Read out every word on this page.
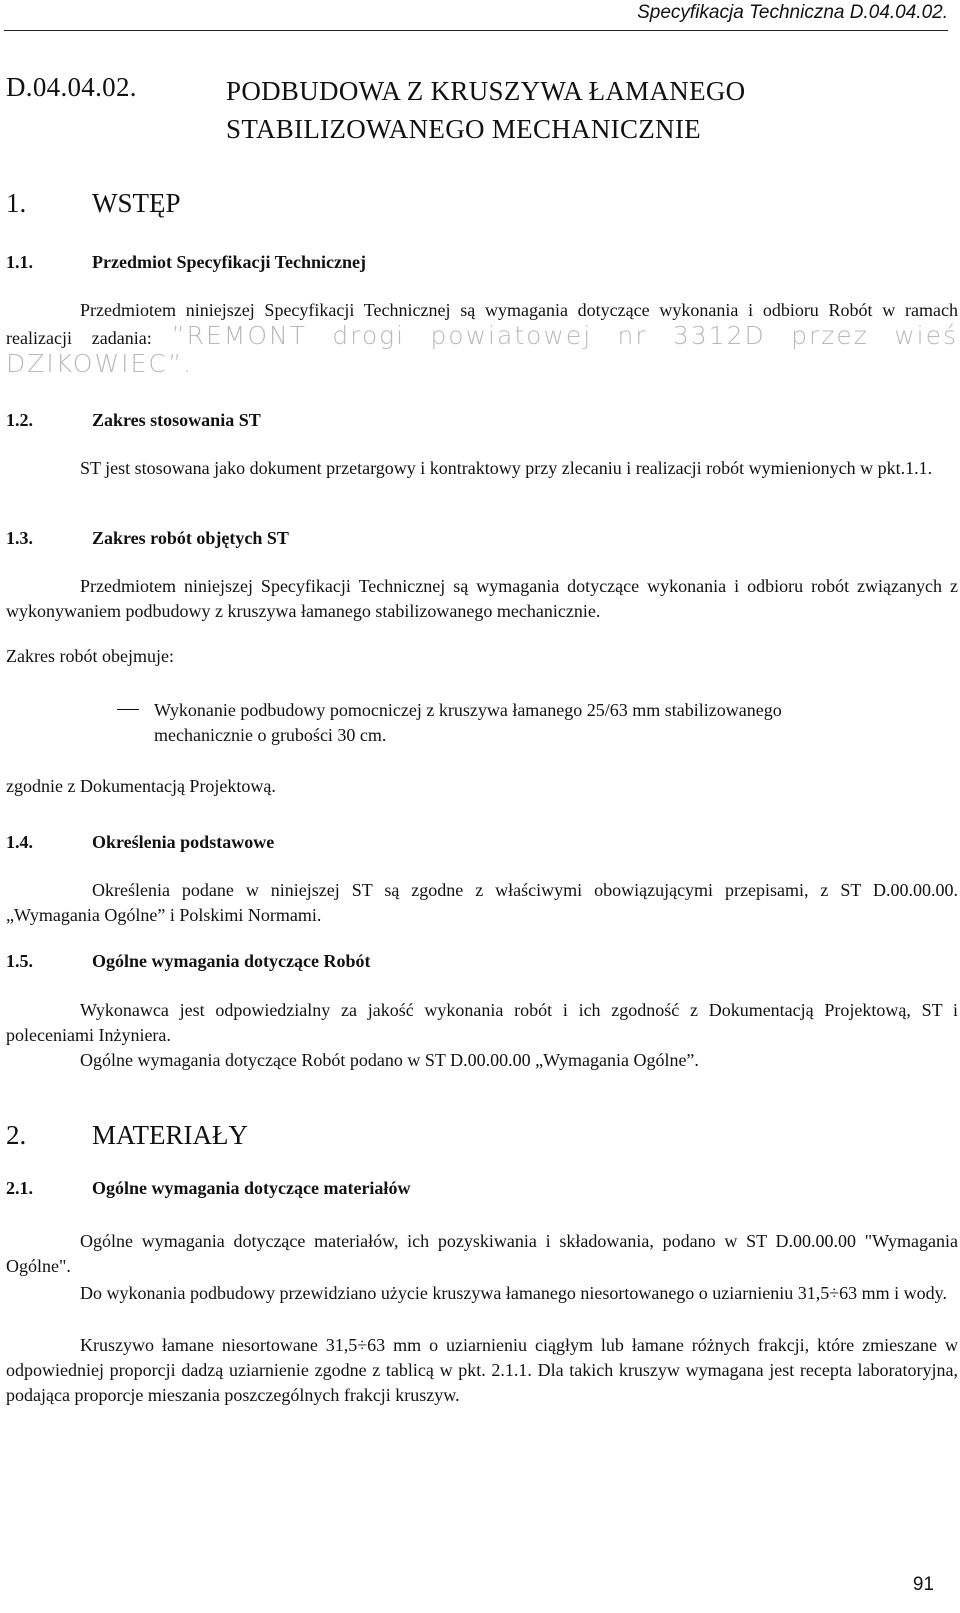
Specyfikacja Techniczna D.04.04.02.
D.04.04.02.	PODBUDOWA Z KRUSZYWA ŁAMANEGO
STABILIZOWANEGO MECHANICZNIE
1. WSTĘP
1.1.	Przedmiot Specyfikacji Technicznej

Przedmiotem niniejszej Specyfikacji Technicznej są wymagania dotyczące wykonania i odbioru Robót w ramach realizacji zadania: ”REMONT drogi powiatowej nr 3312D przez wieś DZIKOWIEC”.

1.2.	Zakres stosowania ST

ST jest stosowana jako dokument przetargowy i kontraktowy przy zlecaniu i realizacji robót wymienionych w pkt.1.1.

1.3.	Zakres robót objętych ST

Przedmiotem niniejszej Specyfikacji Technicznej są wymagania dotyczące wykonania i odbioru robót związanych z wykonywaniem podbudowy z kruszywa łamanego stabilizowanego mechanicznie.

Zakres robót obejmuje:

Wykonanie podbudowy pomocniczej z kruszywa łamanego 25/63 mm stabilizowanego
mechanicznie o grubości 30 cm.

zgodnie z Dokumentacją Projektową.

1.4.	Określenia podstawowe

Określenia podane w niniejszej ST są zgodne z właściwymi obowiązującymi przepisami, z ST D.00.00.00. „Wymagania Ogólne” i Polskimi Normami.

1.5.	Ogólne wymagania dotyczące Robót

Wykonawca jest odpowiedzialny za jakość wykonania robót i ich zgodność z Dokumentacją Projektową, ST i poleceniami Inżyniera.

Ogólne wymagania dotyczące Robót podano w ST D.00.00.00 „Wymagania Ogólne”.

2. MATERIAŁY
2.1.	Ogólne wymagania dotyczące materiałów

Ogólne wymagania dotyczące materiałów, ich pozyskiwania i składowania, podano w ST D.00.00.00 "Wymagania Ogólne".

Do wykonania podbudowy przewidziano użycie kruszywa łamanego niesortowanego o uziarnieniu 31,5÷63 mm i wody.

Kruszywo łamane niesortowane 31,5÷63 mm o uziarnieniu ciągłym lub łamane różnych frakcji, które zmieszane w odpowiedniej proporcji dadzą uziarnienie zgodne z tablicą w pkt. 2.1.1. Dla takich kruszyw wymagana jest recepta laboratoryjna, podająca proporcje mieszania poszczególnych frakcji kruszyw.

91
